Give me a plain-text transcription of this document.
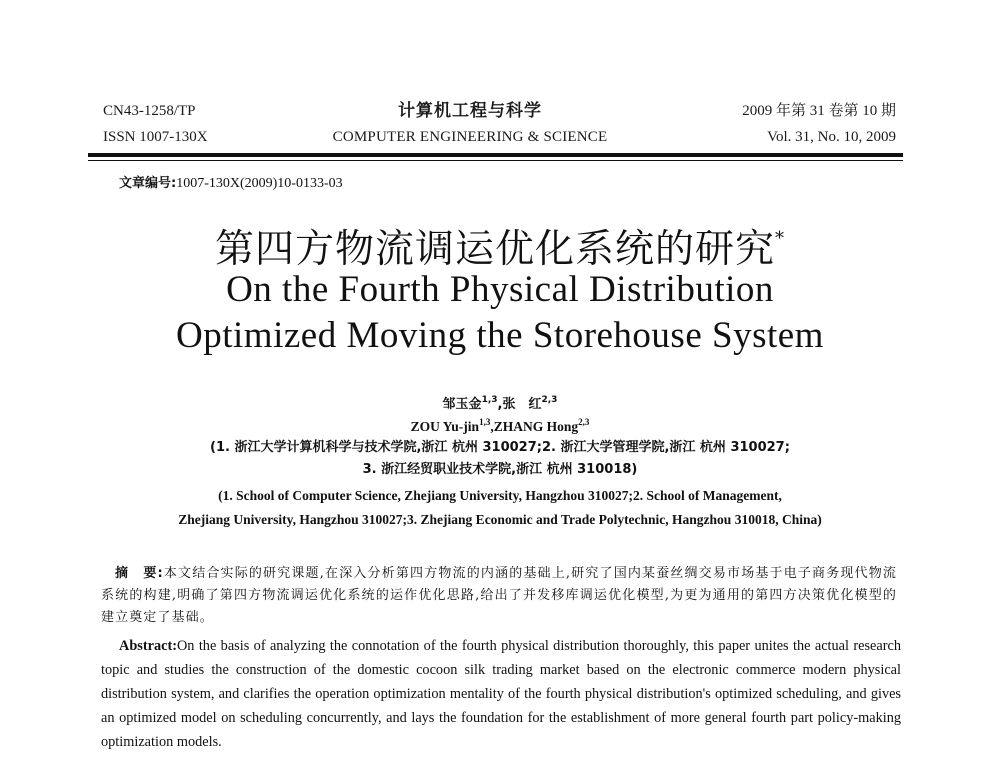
CN43-1258/TP
ISSN 1007-130X
计算机工程与科学
COMPUTER ENGINEERING & SCIENCE
2009 年第 31 卷第 10 期
Vol. 31, No. 10, 2009
文章编号:1007-130X(2009)10-0133-03
第四方物流调运优化系统的研究*
On the Fourth Physical Distribution
Optimized Moving the Storehouse System
邹玉金$^{1,3}$,张　红$^{2,3}$
ZOU Yu-jin$^{1,3}$,ZHANG Hong$^{2,3}$
(1. 浙江大学计算机科学与技术学院,浙江 杭州 310027;2. 浙江大学管理学院,浙江 杭州 310027;
3. 浙江经贸职业技术学院,浙江 杭州 310018)
(1. School of Computer Science, Zhejiang University, Hangzhou 310027;2. School of Management,
Zhejiang University, Hangzhou 310027;3. Zhejiang Economic and Trade Polytechnic, Hangzhou 310018, China)
摘　要:本文结合实际的研究课题,在深入分析第四方物流的内涵的基础上,研究了国内某蚕丝绸交易市场基于电子商务现代物流系统的构建,明确了第四方物流调运优化系统的运作优化思路,给出了并发移库调运优化模型,为更为通用的第四方决策优化模型的建立奠定了基础。
Abstract:On the basis of analyzing the connotation of the fourth physical distribution thoroughly, this paper unites the actual research topic and studies the construction of the domestic cocoon silk trading market based on the electronic commerce modern physical distribution system, and clarifies the operation optimization mentality of the fourth physical distribution's optimized scheduling, and gives an optimized model on scheduling concurrently, and lays the foundation for the establishment of more general fourth part policy-making optimization models.
